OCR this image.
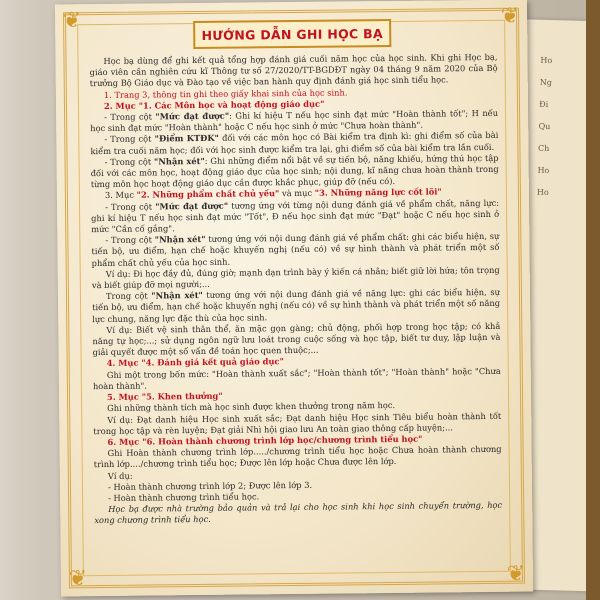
Ho
Ng
Đi
Qu
Ch
Ho
Ho
❦	❦
❦	❦
HƯỚNG DẪN GHI HỌC BẠ

Học bạ dùng để ghi kết quả tổng hợp đánh giá cuối năm học của học sinh. Khi ghi Học bạ, giáo viên cần nghiên cứu kĩ Thông tư số 27/2020/TT-BGDĐT ngày 04 tháng 9 năm 2020 của Bộ trưởng Bộ Giáo dục và Đào tạo về việc ban hành quy định đánh giá học sinh tiểu học.

1. Trang 3, thông tin ghi theo giấy khai sinh của học sinh.

2. Mục "1. Các Môn học và hoạt động giáo dục"

- Trong cột "Mức đạt được": Ghi kí hiệu T nếu học sinh đạt mức "Hoàn thành tốt"; H nếu học sinh đạt mức "Hoàn thành" hoặc C nếu học sinh ở mức "Chưa hoàn thành".

- Trong cột "Điểm KTĐK" đối với các môn học có Bài kiểm tra định kì: ghi điểm số của bài kiểm tra cuối năm học; đối với học sinh được kiểm tra lại, ghi điểm số của bài kiểm tra lần cuối.

- Trong cột "Nhận xét": Ghi những điểm nổi bật về sự tiến bộ, năng khiếu, hứng thú học tập đối với các môn học, hoạt động giáo dục của học sinh; nội dung, kĩ năng chưa hoàn thành trong từng môn học hoạt động giáo dục cần được khắc phục, giúp đỡ (nếu có).

3. Mục "2. Những phẩm chất chủ yếu" và mục "3. Những năng lực cốt lõi"

- Trong cột "Mức đạt được" tương ứng với từng nội dung đánh giá về phẩm chất, năng lực: ghi kí hiệu T nếu học sinh đạt mức "Tốt", Đ nếu học sinh đạt mức "Đạt" hoặc C nếu học sinh ở mức "Cần cố gắng".

- Trong cột "Nhận xét" tương ứng với nội dung đánh giá về phẩm chất: ghi các biểu hiện, sự tiến bộ, ưu điểm, hạn chế hoặc khuyến nghị (nếu có) về sự hình thành và phát triển một số phẩm chất chủ yếu của học sinh.

Ví dụ: Đi học đầy đủ, đúng giờ; mạnh dạn trình bày ý kiến cá nhân; biết giữ lời hứa; tôn trọng và biết giúp đỡ mọi người;...

Trong cột "Nhận xét" tương ứng với nội dung đánh giá về năng lực: ghi các biểu hiện, sự tiến bộ, ưu điểm, hạn chế hoặc khuyến nghị (nếu có) về sự hình thành và phát triển một số năng lực chung, năng lực đặc thù của học sinh.

Ví dụ: Biết vệ sinh thân thể, ăn mặc gọn gàng; chủ động, phối hợp trong học tập; có khả năng tự học;...; sử dụng ngôn ngữ lưu loát trong cuộc sống và học tập, biết tư duy, lập luận và giải quyết được một số vấn đề toán học quen thuộc;...

4. Mục "4. Đánh giá kết quả giáo dục"

Ghi một trong bốn mức: "Hoàn thành xuất sắc"; "Hoàn thành tốt"; "Hoàn thành" hoặc "Chưa hoàn thành".

5. Mục "5. Khen thưởng"

Ghi những thành tích mà học sinh được khen thưởng trong năm học.

Ví dụ: Đạt danh hiệu Học sinh xuất sắc; Đạt danh hiệu Học sinh Tiêu biểu hoàn thành tốt trong học tập và rèn luyện; Đạt giải Nhì hội giao lưu An toàn giao thông cấp huyện;...

6. Mục "6. Hoàn thành chương trình lớp học/chương trình tiểu học"

Ghi Hoàn thành chương trình lớp...../chương trình tiểu học hoặc Chưa hoàn thành chương trình lớp..../chương trình tiểu học; Được lên lớp hoặc Chưa được lên lớp.

Ví dụ:

- Hoàn thành chương trình lớp 2; Được lên lớp 3.

- Hoàn thành chương trình tiểu học.

Học bạ được nhà trường bảo quản và trả lại cho học sinh khi học sinh chuyển trường, học xong chương trình tiểu học.
